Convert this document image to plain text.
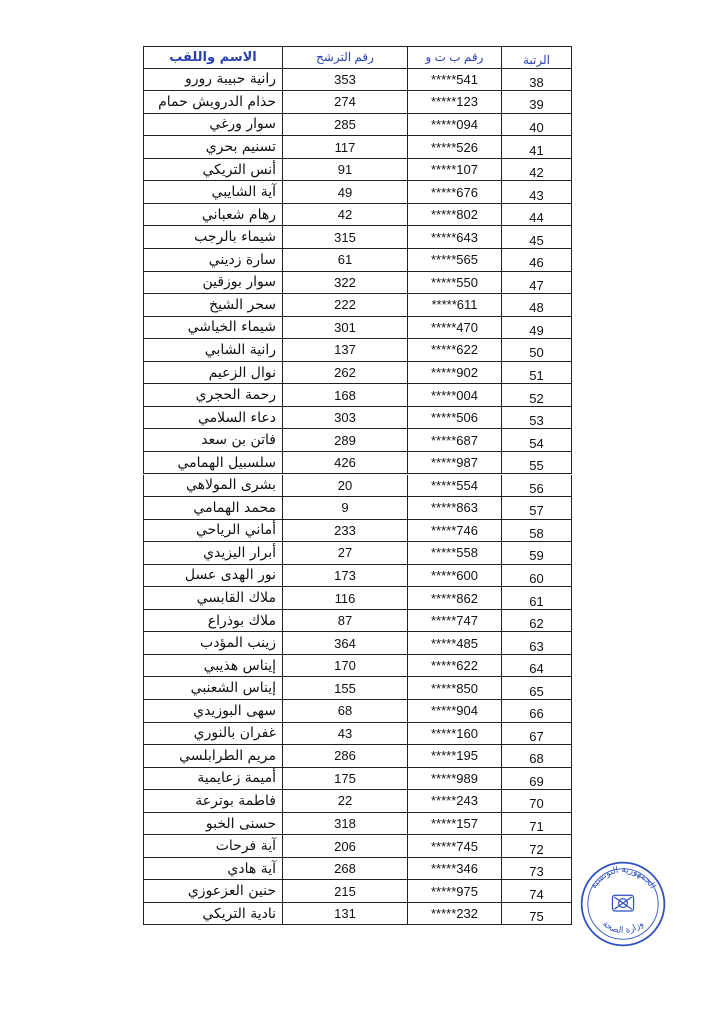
الاسم واللقب	رقم الترشح	رقم ب ت و	الرتبة
رانية حبيبة رورو	353	*****541	38
حذام الدرويش حمام	274	*****123	39
سوار ورغي	285	*****094	40
تسنيم بحري	117	*****526	41
أنس التريكي	91	*****107	42
آية الشايبي	49	*****676	43
رهام شعباني	42	*****802	44
شيماء بالرجب	315	*****643	45
سارة زديني	61	*****565	46
سوار بوزقين	322	*****550	47
سحر الشيخ	222	*****611	48
شيماء الخياشي	301	*****470	49
رانية الشابي	137	*****622	50
نوال الزعيم	262	*****902	51
رحمة الحجري	168	*****004	52
دعاء السلامي	303	*****506	53
فاتن بن سعد	289	*****687	54
سلسبيل الهمامي	426	*****987	55
بشرى المولاهي	20	*****554	56
محمد الهمامي	9	*****863	57
أماني الرياحي	233	*****746	58
أبرار اليزيدي	27	*****558	59
نور الهدى عسل	173	*****600	60
ملاك القابسي	116	*****862	61
ملاك بوذراع	87	*****747	62
زينب المؤدب	364	*****485	63
إيناس هذيبي	170	*****622	64
إيناس الشعنبي	155	*****850	65
سهى البوزيدي	68	*****904	66
غفران بالنوري	43	*****160	67
مريم الطرابلسي	286	*****195	68
أميمة زعايمية	175	*****989	69
فاطمة بوترعة	22	*****243	70
حسنى الخبو	318	*****157	71
آية فرحات	206	*****745	72
آية هادي	268	*****346	73
حنين العزعوزي	215	*****975	74
نادية التريكي	131	*****232	75
الجمهورية التونسية
وزارة الصحة
